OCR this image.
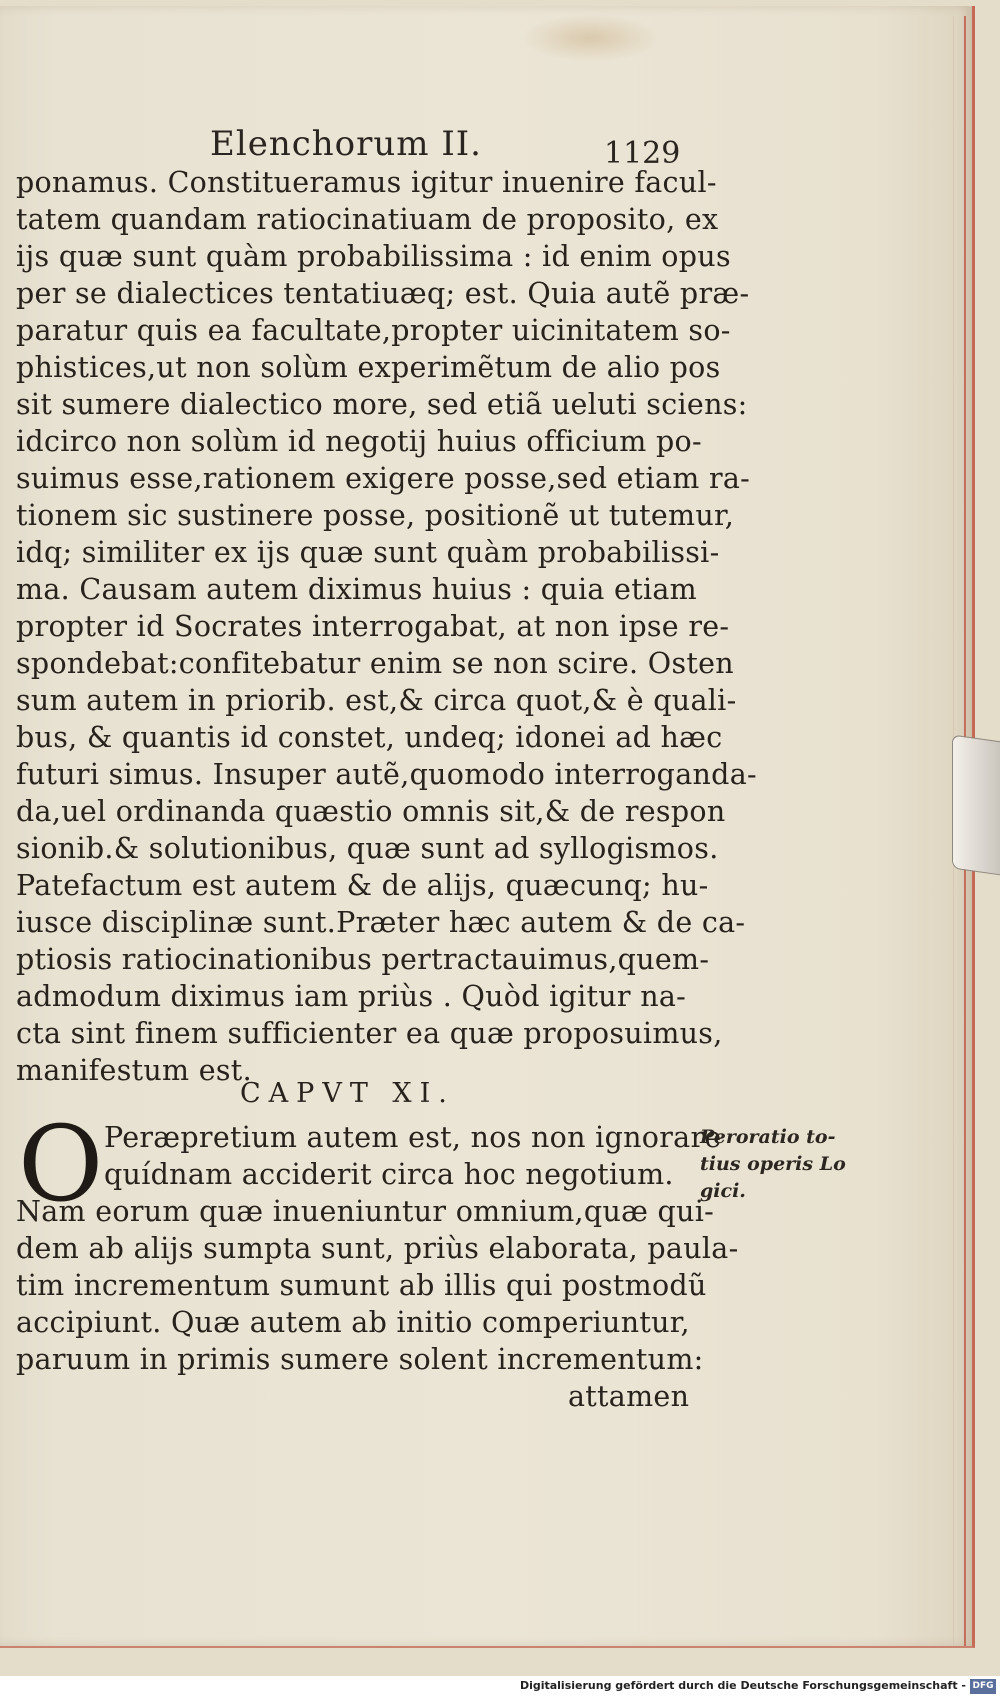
Elenchorum II.	1129
ponamus. Constitueramus igitur inuenire facul-
tatem quandam ratiocinatiuam de proposito, ex
ijs quæ sunt quàm probabilissima : id enim opus
per se dialectices tentatiuæq; est. Quia autẽ præ-
paratur quis ea facultate,propter uicinitatem so-
phistices,ut non solùm experimẽtum de alio pos
sit sumere dialectico more, sed etiã ueluti sciens:
idcirco non solùm id negotij huius officium po-
suimus esse,rationem exigere posse,sed etiam ra-
tionem sic sustinere posse, positionẽ ut tutemur,
idq; similiter ex ijs quæ sunt quàm probabilissi-
ma. Causam autem diximus huius : quia etiam
propter id Socrates interrogabat, at non ipse re-
spondebat:confitebatur enim se non scire. Osten
sum autem in priorib. est,& circa quot,& è quali-
bus, & quantis id constet, undeq; idonei ad hæc
futuri simus. Insuper autẽ,quomodo interroganda-
da,uel ordinanda quæstio omnis sit,& de respon
sionib.& solutionibus, quæ sunt ad syllogismos.
Patefactum est autem & de alijs, quæcunq; hu-
iusce disciplinæ sunt.Præter hæc autem & de ca-
ptiosis ratiocinationibus pertractauimus,quem-
admodum diximus iam priùs . Quòd igitur na-
cta sint finem sufficienter ea quæ proposuimus,
manifestum est.
CAPVT XI.
O Peræpretium autem est, nos non ignorare
quídnam acciderit circa hoc negotium.
Nam eorum quæ inueniuntur omnium,quæ qui-
dem ab alijs sumpta sunt, priùs elaborata, paula-
tim incrementum sumunt ab illis qui postmodũ
accipiunt. Quæ autem ab initio comperiuntur,
paruum in primis sumere solent incrementum:
attamen
Peroratio to-
tius operis Lo
gici.
Digitalisierung gefördert durch die Deutsche Forschungsgemeinschaft - DFG
